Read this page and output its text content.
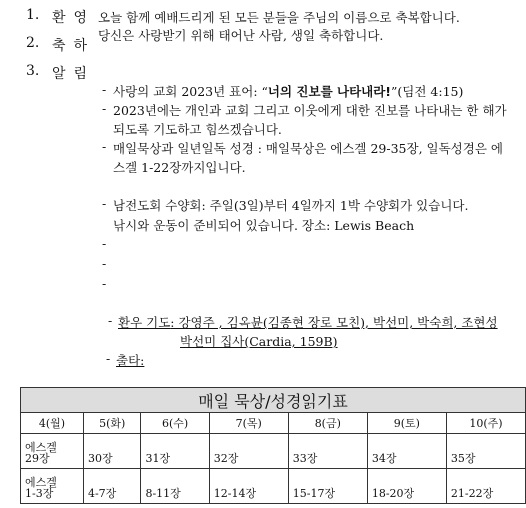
1. 환영
2. 축하
3. 알림
오늘 함께 예배드리게 된 모든 분들을 주님의 이름으로 축복합니다.
당신은 사랑받기 위해 태어난 사람, 생일 축하합니다.
- 사랑의 교회 2023년 표어: “너의 진보를 나타내라!”(딤전 4:15)
- 2023년에는 개인과 교회 그리고 이웃에게 대한 진보를 나타내는 한 해가
되도록 기도하고 힘쓰겠습니다.
- 매일묵상과 일년일독 성경 : 매일묵상은 에스겔 29-35장, 일독성경은 에
스겔 1-22장까지입니다.
- 남전도회 수양회: 주일(3일)부터 4일까지 1박 수양회가 있습니다.
낚시와 운동이 준비되어 있습니다. 장소: Lewis Beach
-
-
-
- 환우 기도: 강영주 , 김옥뷴(김종현 장로 모친), 박선미, 박숙희, 조현성
박선미 집사(Cardia, 159B)
- 출타:
매일 묵상/성경읽기표						
4(월)	5(화)	6(수)	7(목)	8(금)	9(토)	10(주)
에스겔
29장	30장	31장	32장	33장	34장	35장
에스겔
1-3장	4-7장	8-11장	12-14장	15-17장	18-20장	21-22장
